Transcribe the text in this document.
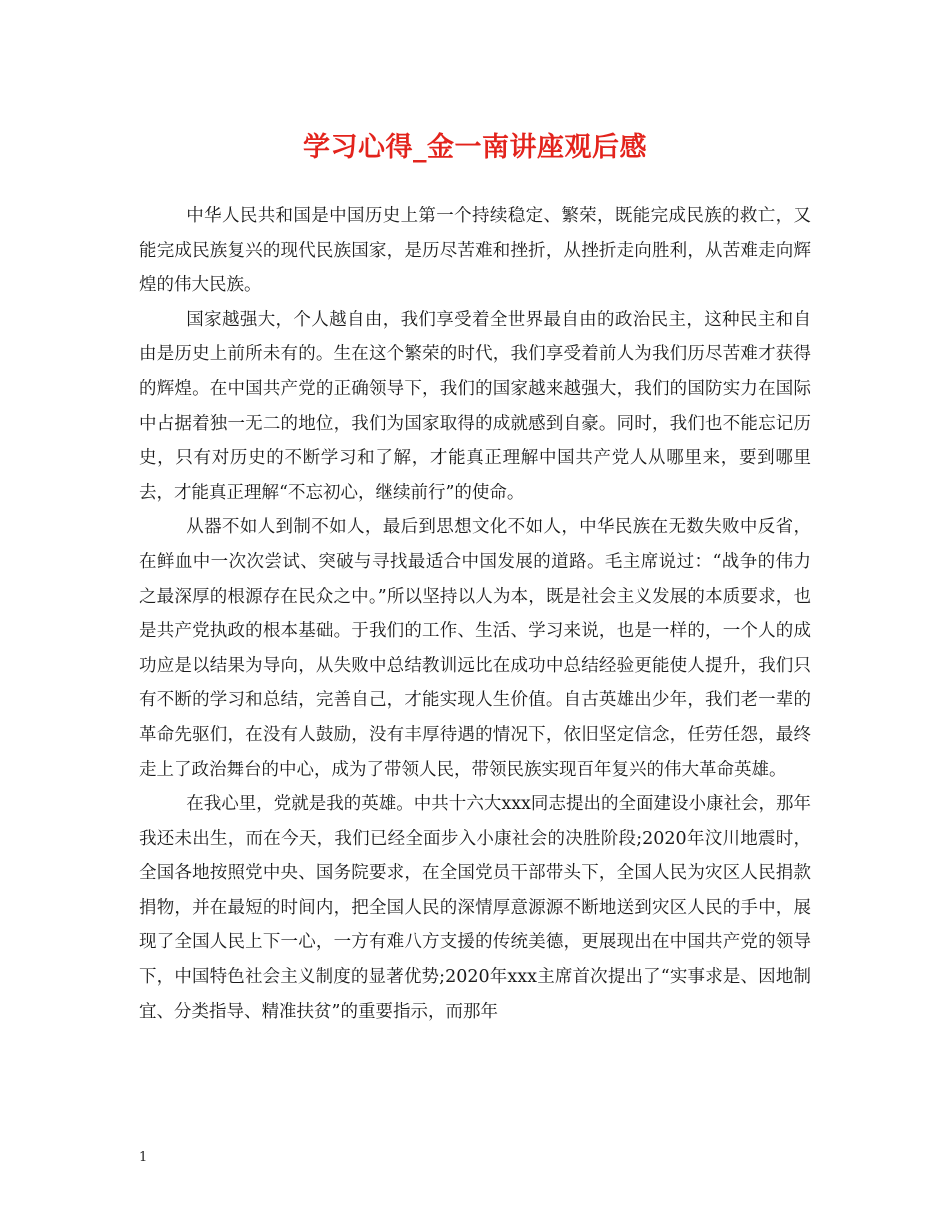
学习心得_金一南讲座观后感

中华人民共和国是中国历史上第一个持续稳定、繁荣，既能完成民族的救亡，又能完成民族复兴的现代民族国家，是历尽苦难和挫折，从挫折走向胜利，从苦难走向辉煌的伟大民族。

国家越强大，个人越自由，我们享受着全世界最自由的政治民主，这种民主和自由是历史上前所未有的。生在这个繁荣的时代，我们享受着前人为我们历尽苦难才获得的辉煌。在中国共产党的正确领导下，我们的国家越来越强大，我们的国防实力在国际中占据着独一无二的地位，我们为国家取得的成就感到自豪。同时，我们也不能忘记历史，只有对历史的不断学习和了解，才能真正理解中国共产党人从哪里来，要到哪里去，才能真正理解“不忘初心，继续前行”的使命。

从器不如人到制不如人，最后到思想文化不如人，中华民族在无数失败中反省，在鲜血中一次次尝试、突破与寻找最适合中国发展的道路。毛主席说过：“战争的伟力之最深厚的根源存在民众之中。”所以坚持以人为本，既是社会主义发展的本质要求，也是共产党执政的根本基础。于我们的工作、生活、学习来说，也是一样的，一个人的成功应是以结果为导向，从失败中总结教训远比在成功中总结经验更能使人提升，我们只有不断的学习和总结，完善自己，才能实现人生价值。自古英雄出少年，我们老一辈的革命先驱们，在没有人鼓励，没有丰厚待遇的情况下，依旧坚定信念，任劳任怨，最终走上了政治舞台的中心，成为了带领人民，带领民族实现百年复兴的伟大革命英雄。

在我心里，党就是我的英雄。中共十六大xxx同志提出的全面建设小康社会，那年我还未出生，而在今天，我们已经全面步入小康社会的决胜阶段;2020年汶川地震时，全国各地按照党中央、国务院要求，在全国党员干部带头下，全国人民为灾区人民捐款捐物，并在最短的时间内，把全国人民的深情厚意源源不断地送到灾区人民的手中，展现了全国人民上下一心，一方有难八方支援的传统美德，更展现出在中国共产党的领导下，中国特色社会主义制度的显著优势;2020年xxx主席首次提出了“实事求是、因地制宜、分类指导、精准扶贫”的重要指示，而那年

1
